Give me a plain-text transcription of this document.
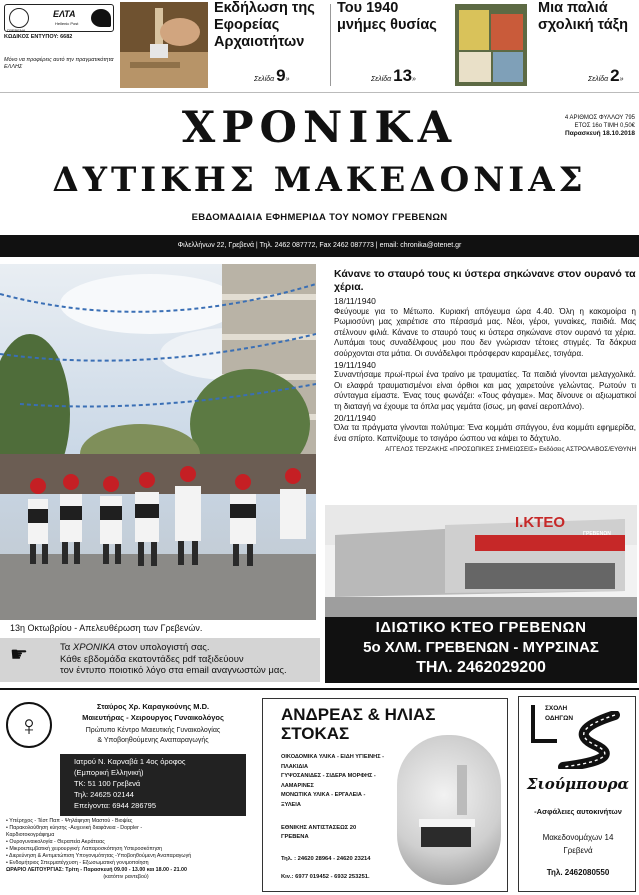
ΓΡΕΒΕΝΑ
ΕΛΤΑ
Hellenic Post
ΚΩΔΙΚΟΣ ΕΝΤΥΠΟΥ: 6682
Μόνο να προφέρεις αυτό την πραγματικότητα ΕΛΛΗΣ
Εκδήλωση της Εφορείας Αρχαιοτήτων
Σελίδα 9»
Του 1940 μνήμες θυσίας
Σελίδα 13»
Μια παλιά σχολική τάξη
Σελίδα 2»
ΧΡΟΝΙΚΑ
ΔΥΤΙΚΗΣ ΜΑΚΕΔΟΝΙΑΣ
ΕΒΔΟΜΑΔΙΑΙΑ ΕΦΗΜΕΡΙΔΑ ΤΟΥ ΝΟΜΟΥ ΓΡΕΒΕΝΩΝ
4 ΑΡΙΘΜΟΣ ΦΥΛΛΟΥ 795
ΕΤΟΣ 16ο ΤΙΜΗ 0,50€
Παρασκευή 18.10.2018
Φιλελλήνων 22, Γρεβενά | Τηλ. 2462 087772, Fax 2462 087773 | email: chronika@otenet.gr
13η Οκτωβρίου - Απελευθέρωση των Γρεβενών.
Κάνανε το σταυρό τους κι ύστερα σηκώνανε στον ουρανό τα χέρια.
18/11/1940

Φεύγουμε για το Μέτωπο. Κυριακή απόγευμα ώρα 4.40. Όλη η κακομοίρα η Ρωμιοσύνη μας χαιρέτισε στο πέρασμά μας. Νέοι, γέροι, γυναίκες, παιδιά. Μας στέλνουν φιλιά. Κάνανε το σταυρό τους κι ύστερα σηκώνανε στον ουρανό τα χέρια. Λυπάμαι τους συναδέλφους μου που δεν γνώρισαν τέτοιες στιγμές. Τα δάκρυα σούρχονται στα μάτια. Οι συνάδελφοι πρόσφεραν καραμέλες, τσιγάρα.

19/11/1940

Συναντήσαμε πρωί-πρωί ένα τραίνο με τραυματίες. Τα παιδιά γίνονται μελαγχολικά. Οι ελαφρά τραυματισμένοι είναι όρθιοι και μας χαιρετούνε γελώντας. Ρωτούν τι σύνταγμα είμαστε. Ένας τους φωνάζει: «Τους φάγαμε». Μας δίνουνε οι αξιωματικοί τη διαταγή να έχουμε τα όπλα μας γεμάτα (ίσως, μη φανεί αεροπλάνο).

20/11/1940

Όλα τα πράγματα γίνονται πολύτιμα: Ένα κομμάτι σπάγγου, ένα κομμάτι εφημερίδα, ένα σπίρτο. Καπνίζουμε το τσιγάρο ώσπου να κάψει το δάχτυλο.

ΑΓΓΕΛΟΣ ΤΕΡΖΑΚΗΣ «ΠΡΟΣΩΠΙΚΕΣ ΣΗΜΕΙΩΣΕΙΣ» Εκδόσεις ΑΣΤΡΟΛΑΒΟΣ/ΕΥΘΥΝΗ
I.KTEO
ΓΡΕΒΕΝΩΝ
ΙΔΙΩΤΙΚΟ ΚΤΕΟ ΓΡΕΒΕΝΩΝ
5ο ΧΛΜ. ΓΡΕΒΕΝΩΝ - ΜΥΡΣΙΝΑΣ
ΤΗΛ. 2462029200
☛	Τα ΧΡΟΝΙΚΑ στον υπολογιστή σας.
Κάθε εβδομάδα εκατοντάδες pdf ταξιδεύουν
τον έντυπο ποιοτικό λόγο στα email αναγνωστών μας.
♀
Σταύρος Χρ. Καραγκούνης M.D.
Μαιευτήρας - Χειρουργος Γυναικολόγος
Πρώτυπο Κέντρο Μαιευτικής Γυναικολογίας
& Υποβοηθούμενης Αναπαραγωγής
Ιατρού Ν. Καρναβά 1 4ος όροφος
(Εμπορική Ελληνική)
ΤΚ: 51 100 Γρεβενά
Τηλ: 24625 02144
Επείγοντα: 6944 286795
• Υπέρηχος - Τέστ Παπ - Ψηλάφηση Μαστού - Βιοψίες
• Παρακολούθηση κύησης -Αυχενική διαφάνεια - Doppler -
Καρδιοτοκογράφημα
• Ουρογυναικολογία - Θεραπεία Ακράτειας
• Μικροεπεμβατική χειρουργική: Λαπαροσκόπηση Υστεροσκόπηση
• Διερεύνηση & Αντιμετώπιση Υπογονιμότητας -Υποβοηθούμενη Αναπαραγωγή
• Ενδομήτριος Σπερματέγχυση - Εξωσωματική γονιμοποίηση
ΩΡΑΡΙΟ ΛΕΙΤΟΥΡΓΙΑΣ: Τρίτη - Παρασκευή 09.00 - 13.00 και 18.00 - 21.00
(κατόπιν ραντεβού)
ΑΝΔΡΕΑΣ & ΗΛΙΑΣ
ΣΤΟΚΑΣ
ΟΙΚΟΔΟΜΙΚΑ ΥΛΙΚΑ - ΕΙΔΗ ΥΓΙΕΙΝΗΣ -
ΠΛΑΚΙΔΙΑ
ΓΥΨΟΣΑΝΙΔΕΣ - ΣΙΔΕΡΑ ΜΟΡΦΗΣ -
ΛΑΜΑΡΙΝΕΣ
ΜΟΝΩΤΙΚΑ ΥΛΙΚΑ - ΕΡΓΑΛΕΙΑ -
ΞΥΛΕΙΑ
ΕΘΝΙΚΗΣ ΑΝΤΙΣΤΑΣΕΩΣ 20
ΓΡΕΒΕΝΑ
Τηλ. : 24620 28964 - 24620 23214
Κιν.: 6977 019452 - 6932 253251.
ΣΧΟΛΗ
ΟΔΗΓΩΝ
Σιούμπουρα
-Ασφάλειες αυτοκινήτων
Μακεδονομάχων 14
Γρεβενά
Τηλ. 2462080550
